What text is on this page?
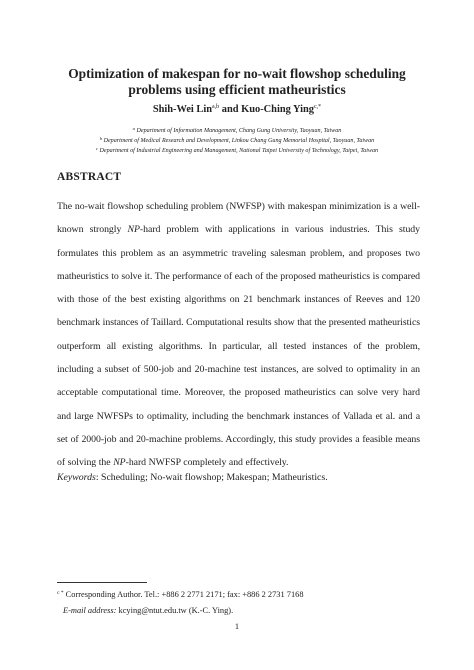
Optimization of makespan for no-wait flowshop scheduling
problems using efficient matheuristics
Shih-Wei Lin$^{a,b}$ and Kuo-Ching Ying$^{c,*}$
$^a$ Department of Information Management, Chang Gung University, Taoyuan, Taiwan
$^b$ Department of Medical Research and Development, Linkou Chang Gung Memorial Hospital, Taoyuan, Taiwan
$^c$ Department of Industrial Engineering and Management, National Taipei University of Technology, Taipei, Taiwan
ABSTRACT

The no-wait flowshop scheduling problem (NWFSP) with makespan minimization is a well-known strongly NP-hard problem with applications in various industries. This study formulates this problem as an asymmetric traveling salesman problem, and proposes two matheuristics to solve it. The performance of each of the proposed matheuristics is compared with those of the best existing algorithms on 21 benchmark instances of Reeves and 120 benchmark instances of Taillard. Computational results show that the presented matheuristics outperform all existing algorithms. In particular, all tested instances of the problem, including a subset of 500-job and 20-machine test instances, are solved to optimality in an acceptable computational time. Moreover, the proposed matheuristics can solve very hard and large NWFSPs to optimality, including the benchmark instances of Vallada et al. and a set of 2000-job and 20-machine problems. Accordingly, this study provides a feasible means of solving the NP-hard NWFSP completely and effectively.

Keywords: Scheduling; No-wait flowshop; Makespan; Matheuristics.
$^{c *}$ Corresponding Author. Tel.: +886 2 2771 2171; fax: +886 2 2731 7168
E-mail address: kcying@ntut.edu.tw (K.-C. Ying).
1
